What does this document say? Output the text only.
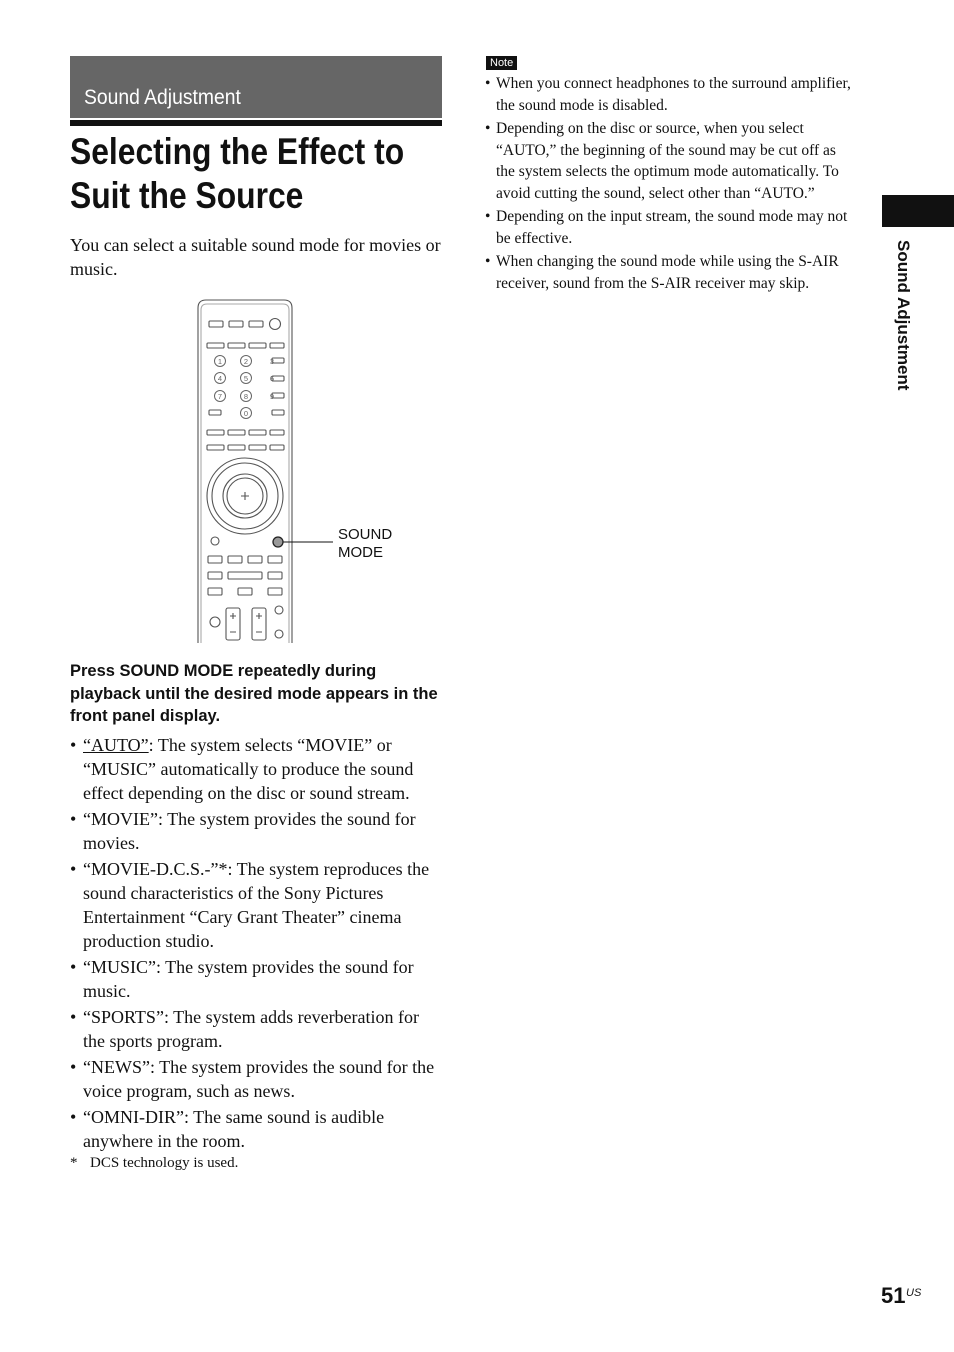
Sound Adjustment
Selecting the Effect to
Suit the Source
You can select a suitable sound mode for movies or music.
1	2	3
4	5	6
7	8	9
0
SOUND
MODE
Press SOUND MODE repeatedly during playback until the desired mode appears in the front panel display.
• “AUTO”: The system selects “MOVIE” or “MUSIC” automatically to produce the sound effect depending on the disc or sound stream.
• “MOVIE”: The system provides the sound for movies.
• “MOVIE-D.C.S.-”*: The system reproduces the sound characteristics of the Sony Pictures Entertainment “Cary Grant Theater” cinema production studio.
• “MUSIC”: The system provides the sound for music.
• “SPORTS”: The system adds reverberation for the sports program.
• “NEWS”: The system provides the sound for the voice program, such as news.
• “OMNI-DIR”: The same sound is audible anywhere in the room.
* DCS technology is used.
Note
• When you connect headphones to the surround amplifier, the sound mode is disabled.
• Depending on the disc or source, when you select “AUTO,” the beginning of the sound may be cut off as the system selects the optimum mode automatically. To avoid cutting the sound, select other than “AUTO.”
• Depending on the input stream, the sound mode may not be effective.
• When changing the sound mode while using the S-AIR receiver, sound from the S-AIR receiver may skip.	Sound Adjustment
51 US
